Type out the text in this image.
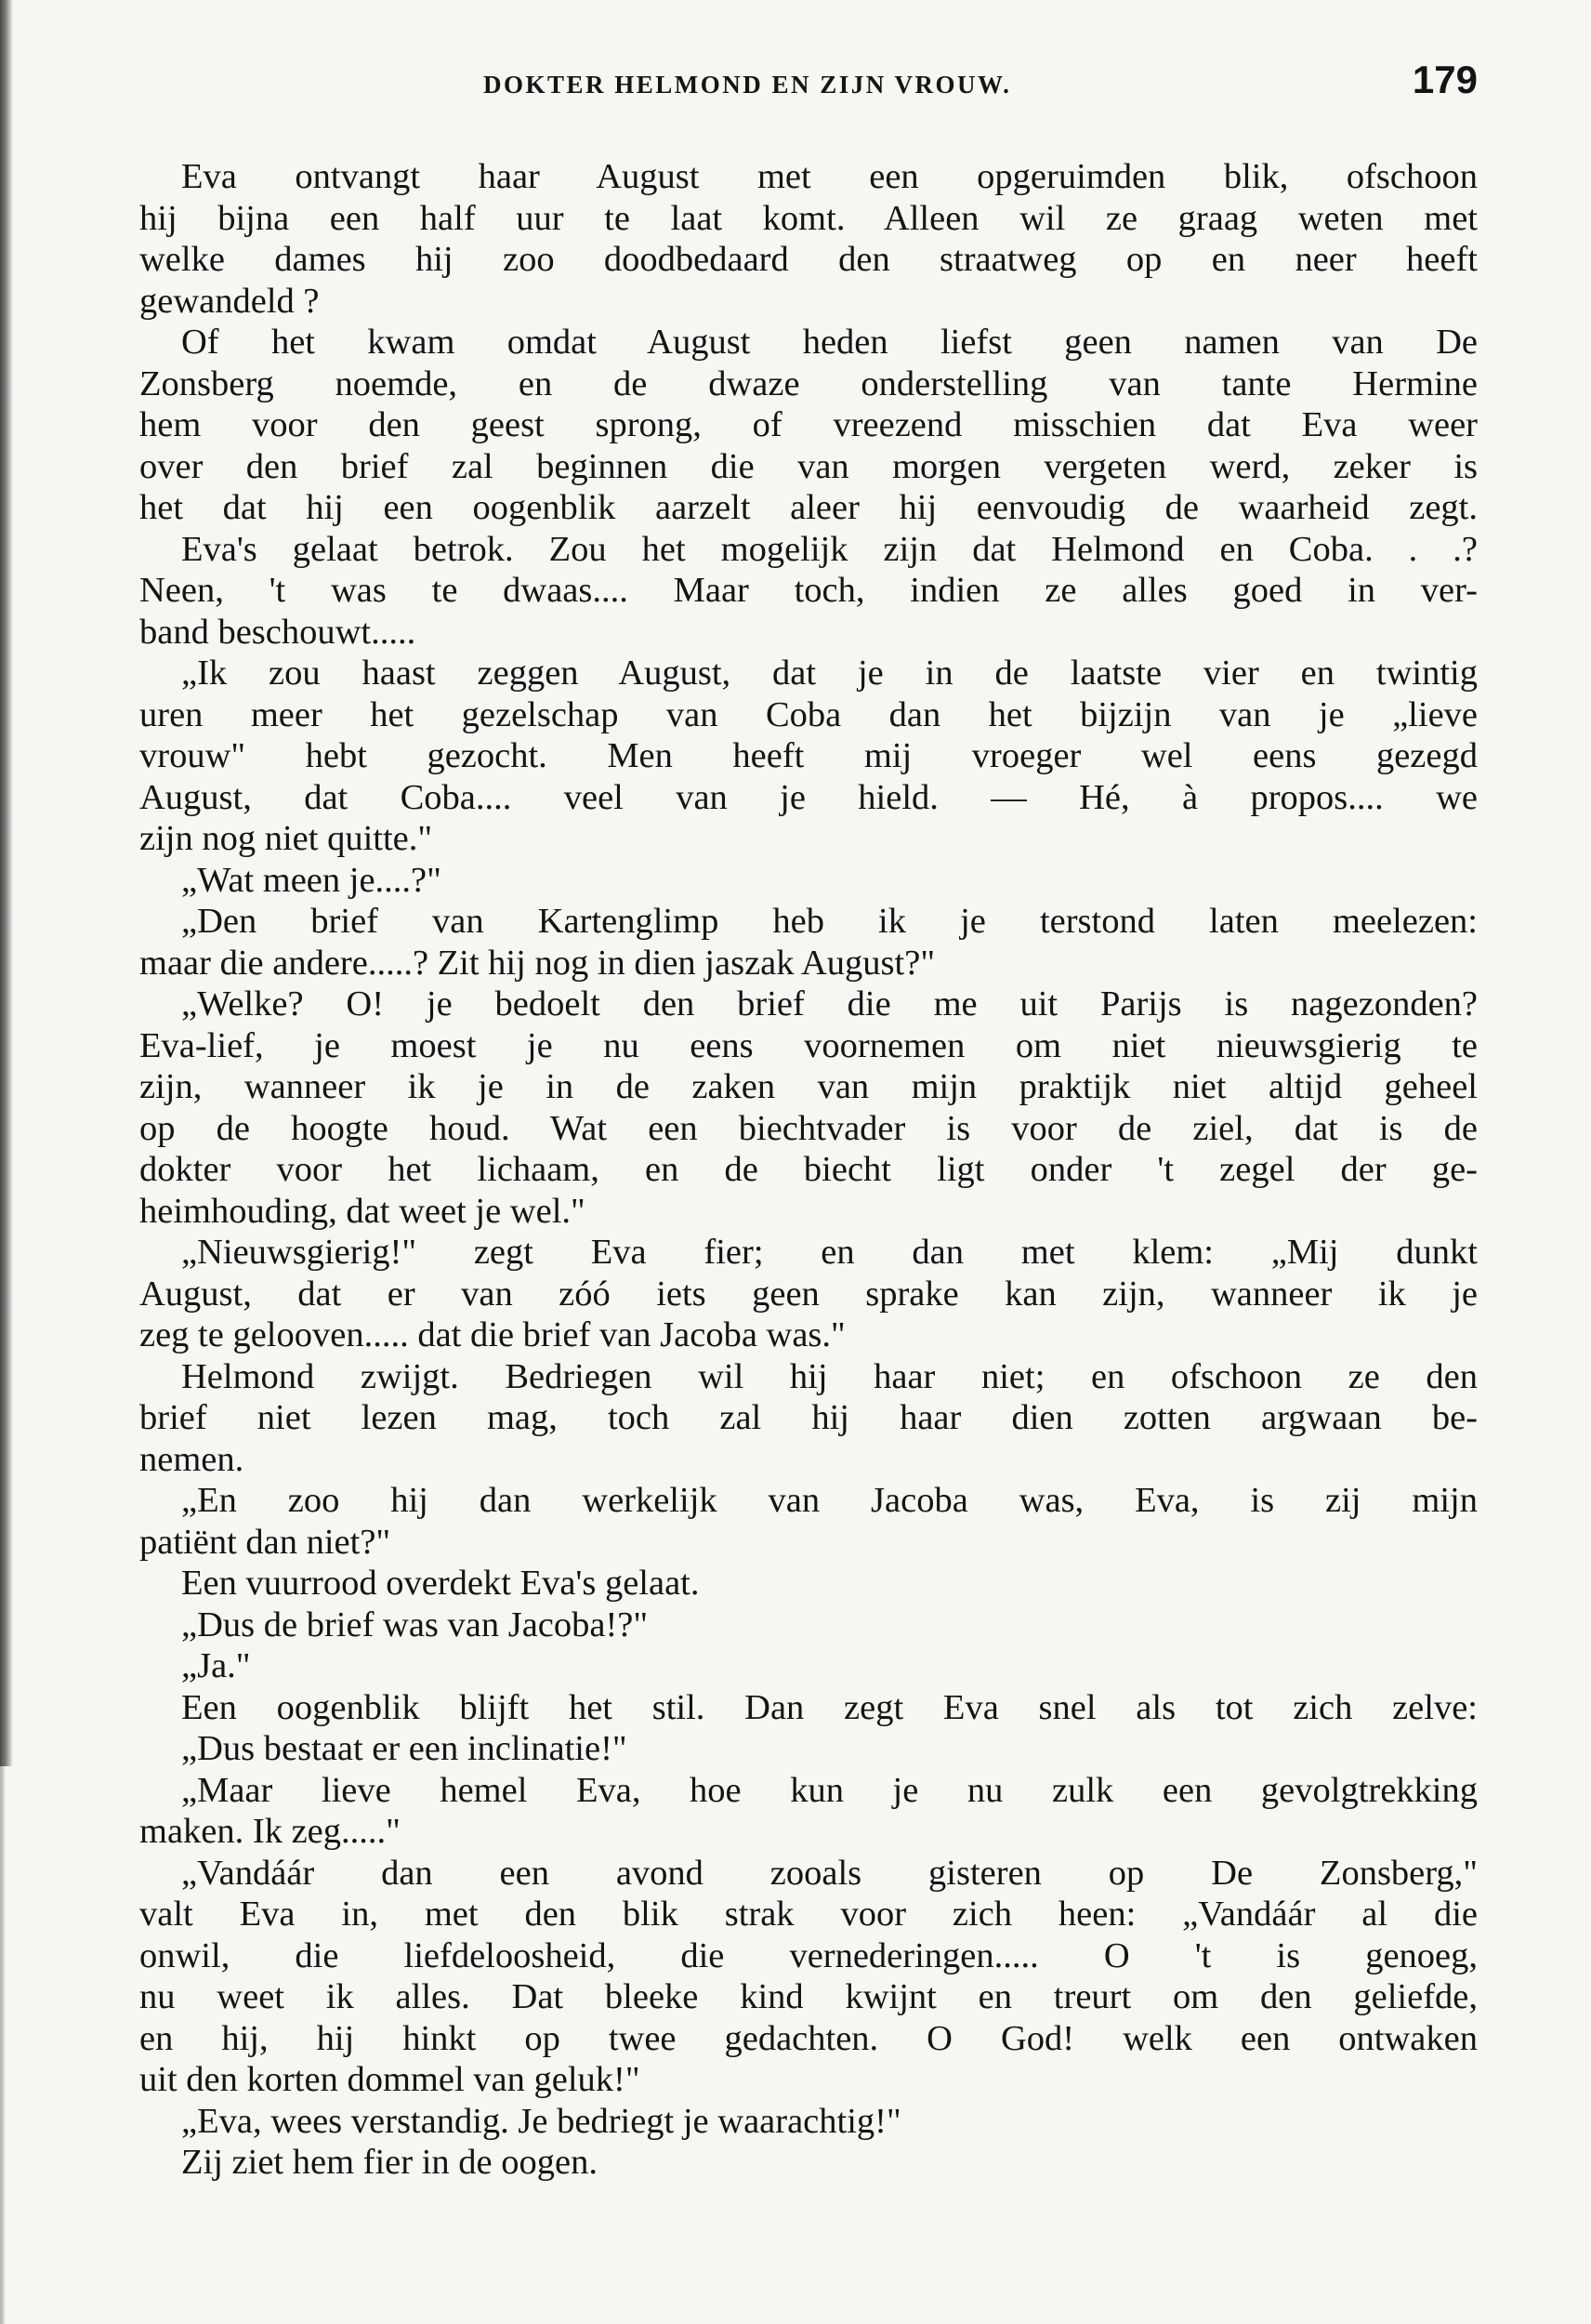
DOKTER HELMOND EN ZIJN VROUW.	179
Eva ontvangt haar August met een opgeruimden blik, ofschoon
hij bijna een half uur te laat komt. Alleen wil ze graag weten met
welke dames hij zoo doodbedaard den straatweg op en neer heeft
gewandeld ?
Of het kwam omdat August heden liefst geen namen van De
Zonsberg noemde, en de dwaze onderstelling van tante Hermine
hem voor den geest sprong, of vreezend misschien dat Eva weer
over den brief zal beginnen die van morgen vergeten werd, zeker is
het dat hij een oogenblik aarzelt aleer hij eenvoudig de waarheid zegt.
Eva's gelaat betrok. Zou het mogelijk zijn dat Helmond en Coba. . .?
Neen, 't was te dwaas.... Maar toch, indien ze alles goed in ver-
band beschouwt.....
„Ik zou haast zeggen August, dat je in de laatste vier en twintig
uren meer het gezelschap van Coba dan het bijzijn van je „lieve
vrouw" hebt gezocht. Men heeft mij vroeger wel eens gezegd
August, dat Coba.... veel van je hield. — Hé, à propos.... we
zijn nog niet quitte."
„Wat meen je....?"
„Den brief van Kartenglimp heb ik je terstond laten meelezen:
maar die andere.....? Zit hij nog in dien jaszak August?"
„Welke? O! je bedoelt den brief die me uit Parijs is nagezonden?
Eva-lief, je moest je nu eens voornemen om niet nieuwsgierig te
zijn, wanneer ik je in de zaken van mijn praktijk niet altijd geheel
op de hoogte houd. Wat een biechtvader is voor de ziel, dat is de
dokter voor het lichaam, en de biecht ligt onder 't zegel der ge-
heimhouding, dat weet je wel."
„Nieuwsgierig!" zegt Eva fier; en dan met klem: „Mij dunkt
August, dat er van zóó iets geen sprake kan zijn, wanneer ik je
zeg te gelooven..... dat die brief van Jacoba was."
Helmond zwijgt. Bedriegen wil hij haar niet; en ofschoon ze den
brief niet lezen mag, toch zal hij haar dien zotten argwaan be-
nemen.
„En zoo hij dan werkelijk van Jacoba was, Eva, is zij mijn
patiënt dan niet?"
Een vuurrood overdekt Eva's gelaat.
„Dus de brief was van Jacoba!?"
„Ja."
Een oogenblik blijft het stil. Dan zegt Eva snel als tot zich zelve:
„Dus bestaat er een inclinatie!"
„Maar lieve hemel Eva, hoe kun je nu zulk een gevolgtrekking
maken. Ik zeg....."
„Vandáár dan een avond zooals gisteren op De Zonsberg,"
valt Eva in, met den blik strak voor zich heen: „Vandáár al die
onwil, die liefdeloosheid, die vernederingen..... O 't is genoeg,
nu weet ik alles. Dat bleeke kind kwijnt en treurt om den geliefde,
en hij, hij hinkt op twee gedachten. O God! welk een ontwaken
uit den korten dommel van geluk!"
„Eva, wees verstandig. Je bedriegt je waarachtig!"
Zij ziet hem fier in de oogen.
